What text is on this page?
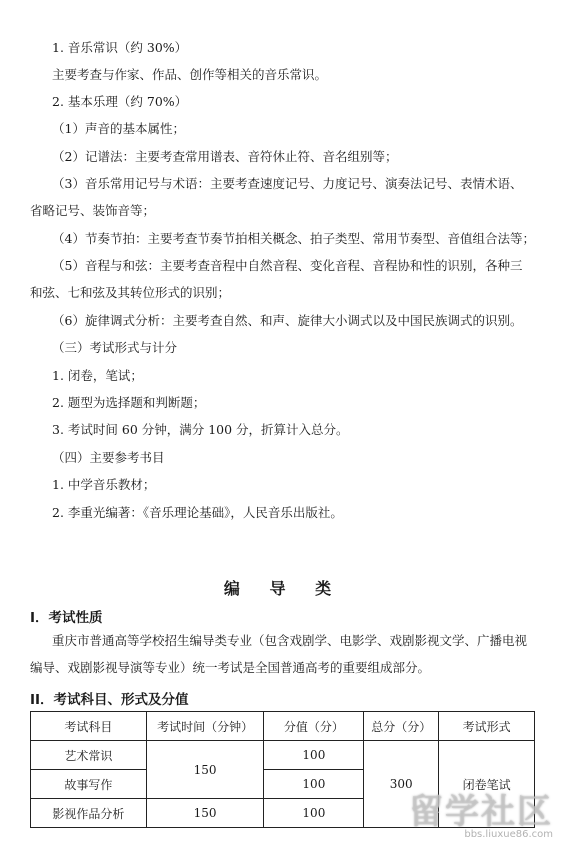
1. 音乐常识（约 30%）
主要考查与作家、作品、创作等相关的音乐常识。
2. 基本乐理（约 70%）
（1）声音的基本属性；
（2）记谱法：主要考查常用谱表、音符休止符、音名组别等；
（3）音乐常用记号与术语：主要考查速度记号、力度记号、演奏法记号、表情术语、
省略记号、装饰音等；
（4）节奏节拍：主要考查节奏节拍相关概念、拍子类型、常用节奏型、音值组合法等；
（5）音程与和弦：主要考查音程中自然音程、变化音程、音程协和性的识别，各种三
和弦、七和弦及其转位形式的识别；
（6）旋律调式分析：主要考查自然、和声、旋律大小调式以及中国民族调式的识别。
（三）考试形式与计分
1. 闭卷，笔试；
2. 题型为选择题和判断题；
3. 考试时间 60 分钟，满分 100 分，折算计入总分。
（四）主要参考书目
1. 中学音乐教材；
2. 李重光编著：《音乐理论基础》，人民音乐出版社。
编 导 类
I．考试性质
重庆市普通高等学校招生编导类专业（包含戏剧学、电影学、戏剧影视文学、广播电视
编导、戏剧影视导演等专业）统一考试是全国普通高考的重要组成部分。
II．考试科目、形式及分值
考试科目	考试时间（分钟）	分值（分）	总分（分）	考试形式
艺术常识	150	100	300	闭卷笔试
故事写作		100		
影视作品分析	150	100		留学社区
bbs.liuxue86.com
